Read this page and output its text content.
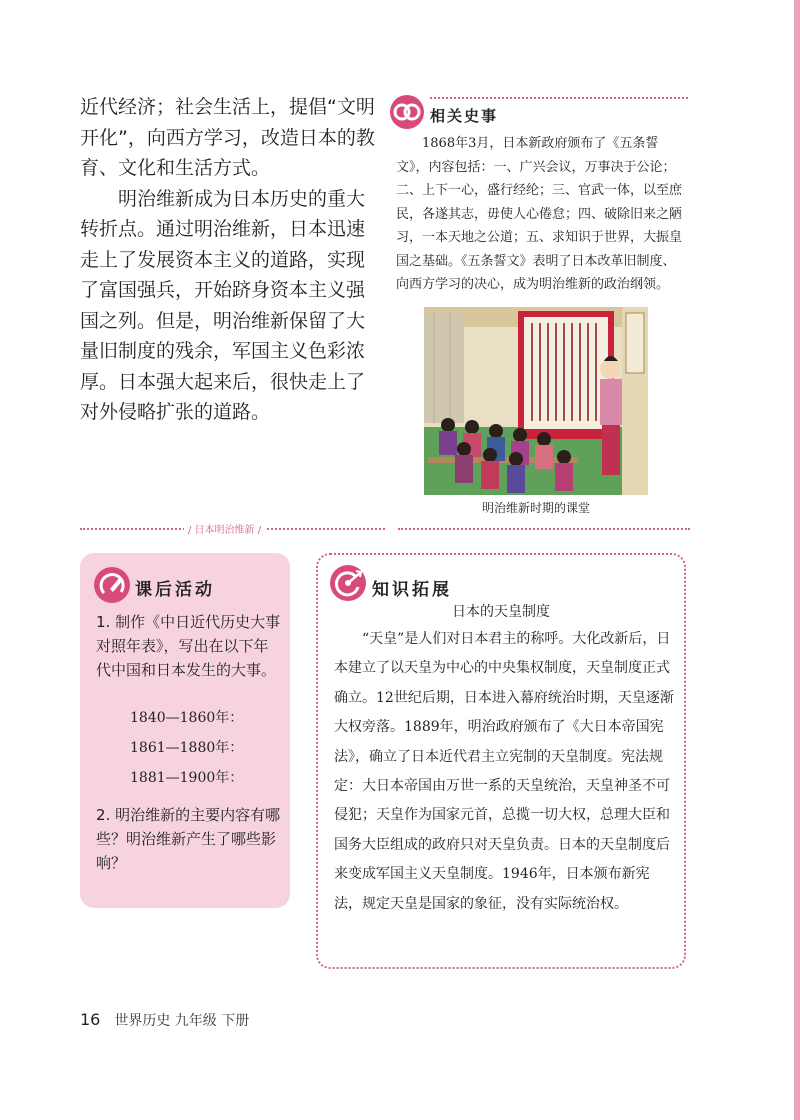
近代经济；社会生活上，提倡“文明开化”，向西方学习，改造日本的教育、文化和生活方式。

明治维新成为日本历史的重大转折点。通过明治维新，日本迅速走上了发展资本主义的道路，实现了富国强兵，开始跻身资本主义强国之列。但是，明治维新保留了大量旧制度的残余，军国主义色彩浓厚。日本强大起来后，很快走上了对外侵略扩张的道路。

相关史事
1868年3月，日本新政府颁布了《五条誓文》，内容包括：一、广兴会议，万事决于公论；二、上下一心，盛行经纶；三、官武一体，以至庶民，各遂其志，毋使人心倦怠；四、破除旧来之陋习，一本天地之公道；五、求知识于世界，大振皇国之基础。《五条誓文》表明了日本改革旧制度、向西方学习的决心，成为明治维新的政治纲领。
明治维新时期的课堂
/ 日本明治维新 /
课后活动
1. 制作《中日近代历史大事对照年表》，写出在以下年代中国和日本发生的大事。
1840—1860年：
1861—1880年：
1881—1900年：
2. 明治维新的主要内容有哪些？明治维新产生了哪些影响？
知识拓展
日本的天皇制度
“天皇”是人们对日本君主的称呼。大化改新后，日本建立了以天皇为中心的中央集权制度，天皇制度正式确立。12世纪后期，日本进入幕府统治时期，天皇逐渐大权旁落。1889年，明治政府颁布了《大日本帝国宪法》，确立了日本近代君主立宪制的天皇制度。宪法规定：大日本帝国由万世一系的天皇统治，天皇神圣不可侵犯；天皇作为国家元首，总揽一切大权，总理大臣和国务大臣组成的政府只对天皇负责。日本的天皇制度后来变成军国主义天皇制度。1946年，日本颁布新宪法，规定天皇是国家的象征，没有实际统治权。
16 世界历史 九年级 下册
